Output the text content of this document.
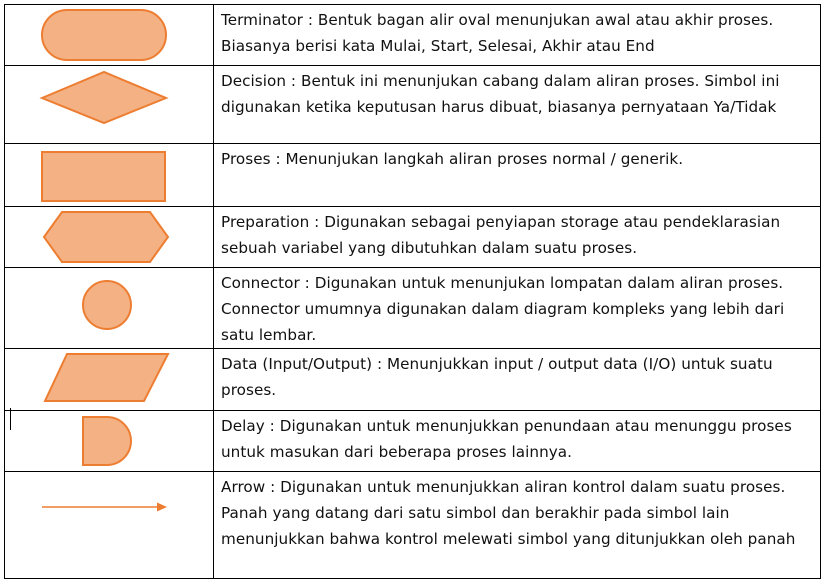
	Terminator : Bentuk bagan alir oval menunjukan awal atau akhir proses. Biasanya berisi kata Mulai, Start, Selesai, Akhir atau End

	Decision : Bentuk ini menunjukan cabang dalam aliran proses. Simbol ini digunakan ketika keputusan harus dibuat, biasanya pernyataan Ya/Tidak

	Proses : Menunjukan langkah aliran proses normal / generik.

	Preparation : Digunakan sebagai penyiapan storage atau pendeklarasian sebuah variabel yang dibutuhkan dalam suatu proses.

	Connector : Digunakan untuk menunjukan lompatan dalam aliran proses. Connector umumnya digunakan dalam diagram kompleks yang lebih dari satu lembar.

	Data (Input/Output) : Menunjukkan input / output data (I/O) untuk suatu proses.

	Delay : Digunakan untuk menunjukkan penundaan atau menunggu proses untuk masukan dari beberapa proses lainnya.

	Arrow : Digunakan untuk menunjukkan aliran kontrol dalam suatu proses. Panah yang datang dari satu simbol dan berakhir pada simbol lain menunjukkan bahwa kontrol melewati simbol yang ditunjukkan oleh panah
